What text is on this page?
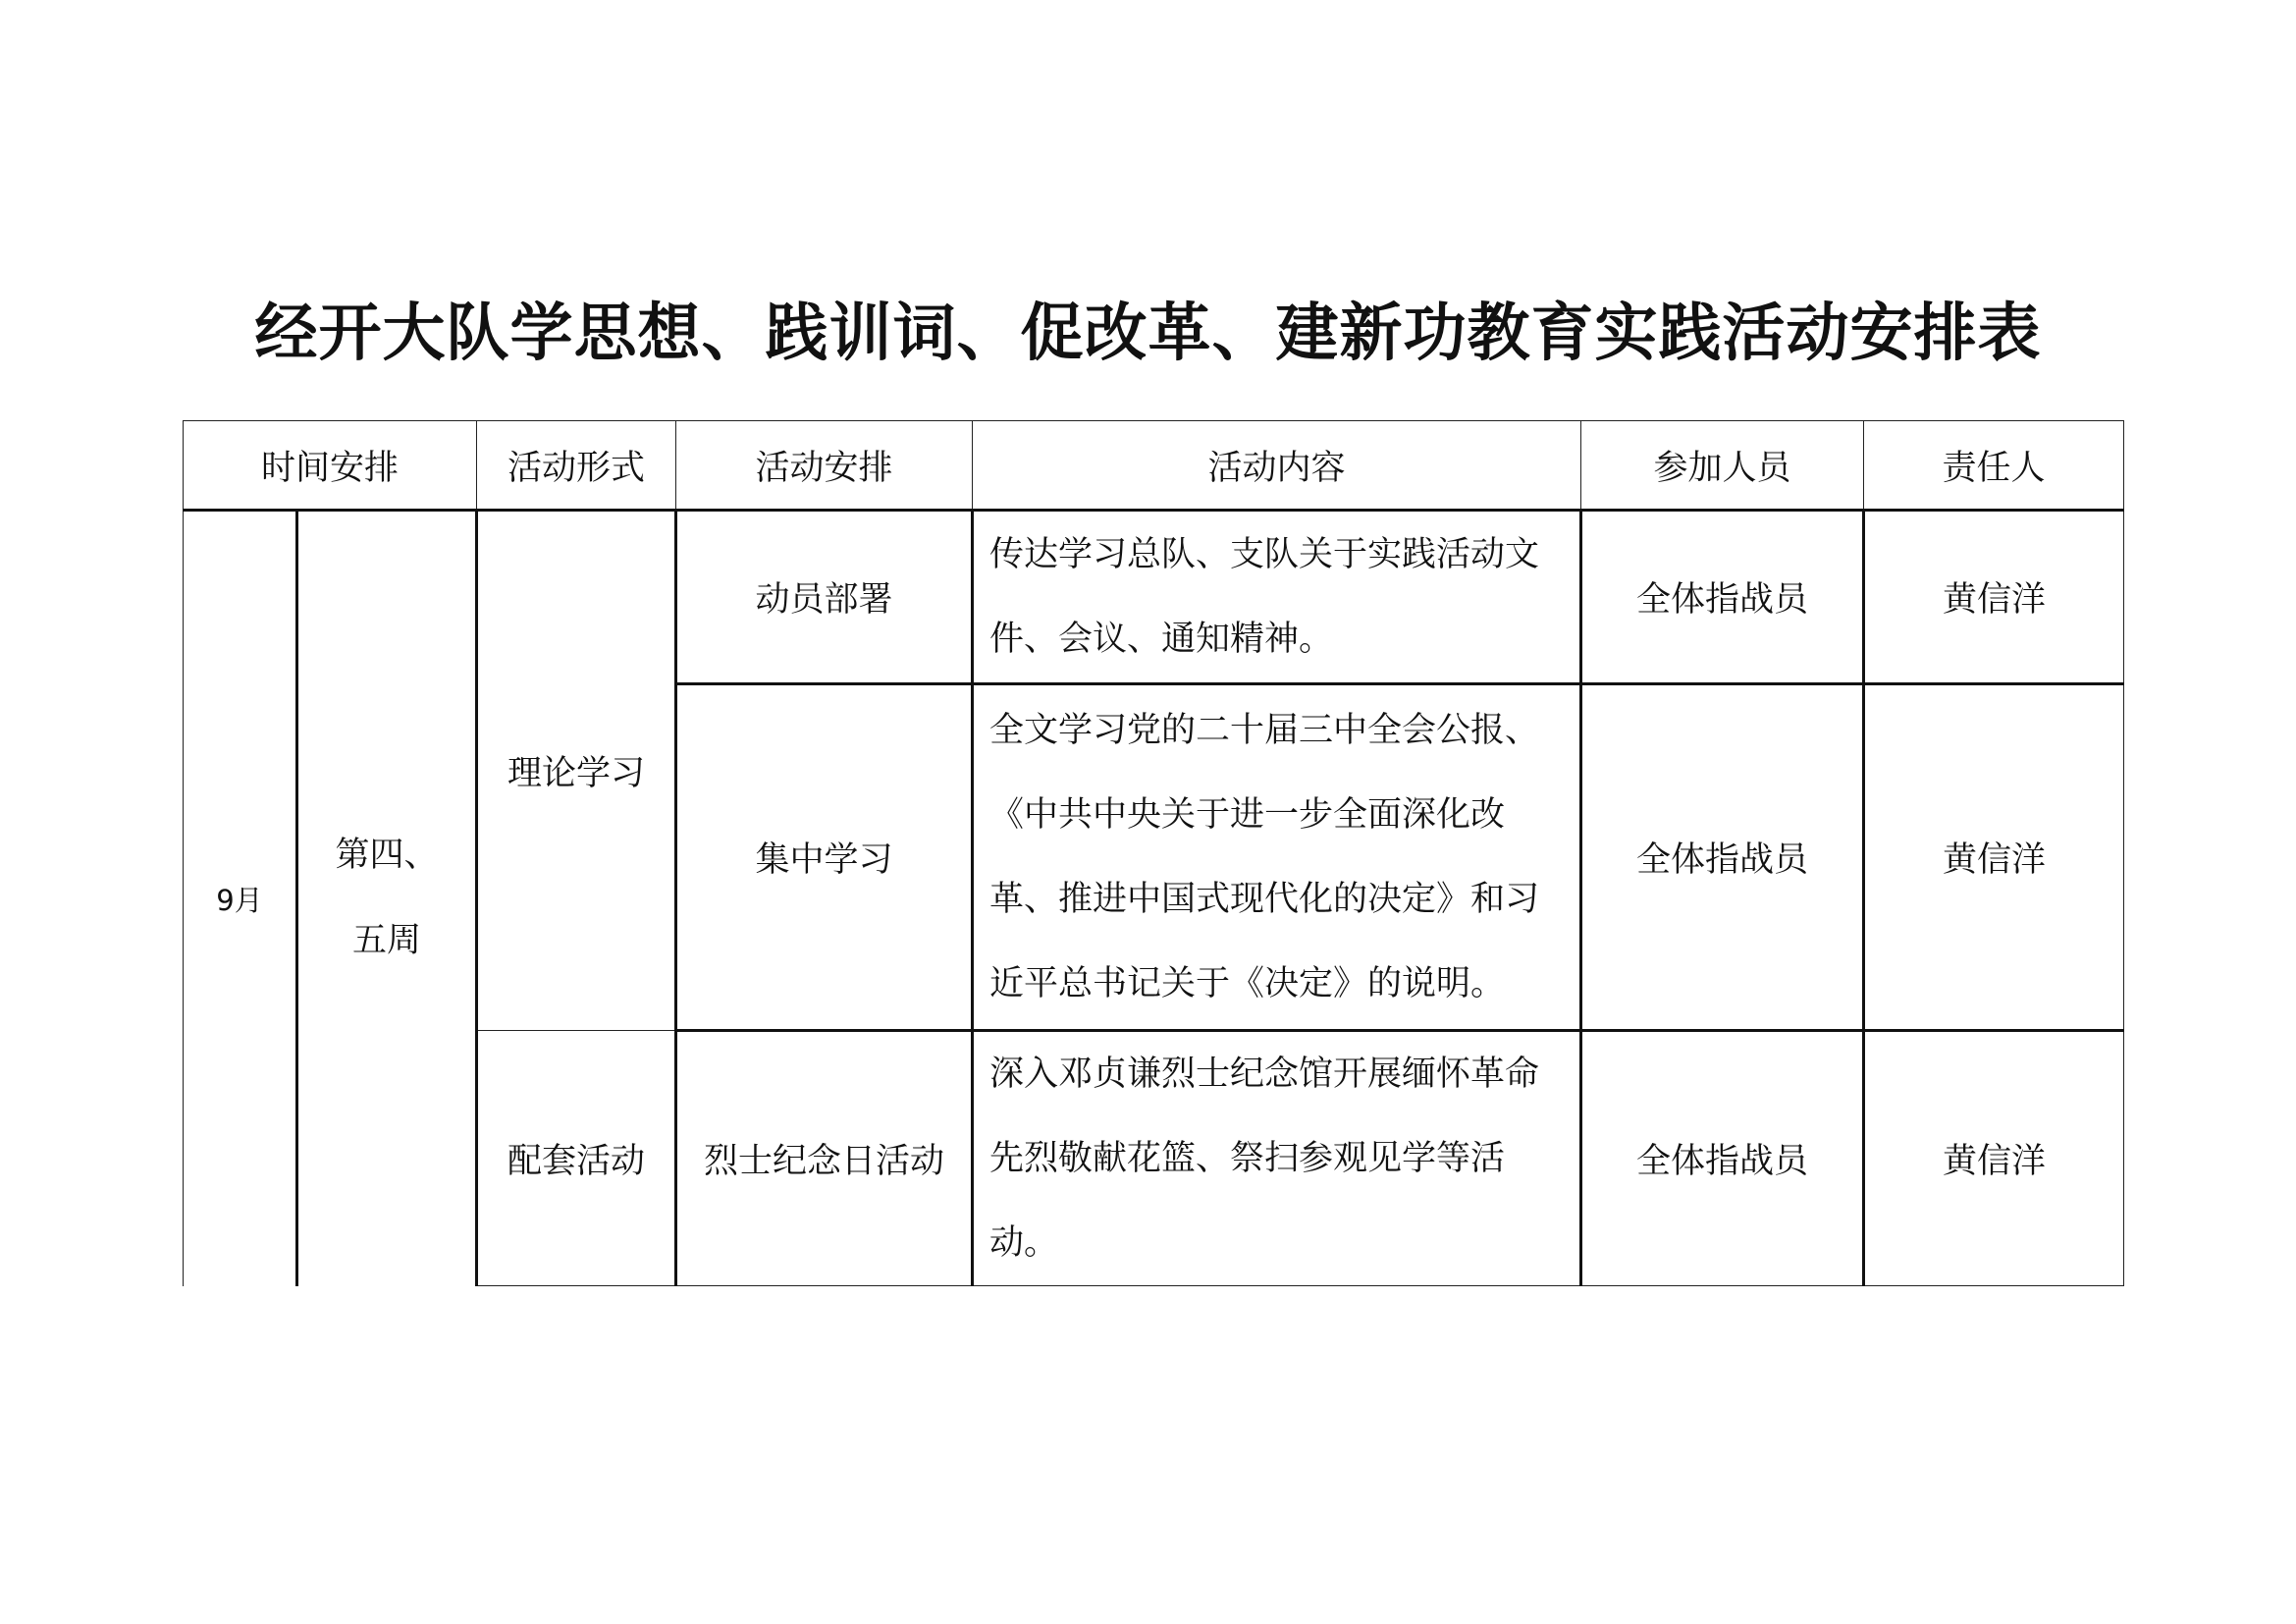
经开大队学思想、践训词、促改革、建新功教育实践活动安排表
时间安排		活动形式	活动安排	活动内容	参加人员	责任人
9月	第四、五周	理论学习	动员部署	传达学习总队、支队关于实践活动文件、会议、通知精神。	全体指战员	黄信洋
			集中学习	全文学习党的二十届三中全会公报、《中共中央关于进一步全面深化改革、推进中国式现代化的决定》和习近平总书记关于《决定》的说明。	全体指战员	黄信洋
		配套活动	烈士纪念日活动	深入邓贞谦烈士纪念馆开展缅怀革命先烈敬献花篮、祭扫参观见学等活动。	全体指战员	黄信洋
